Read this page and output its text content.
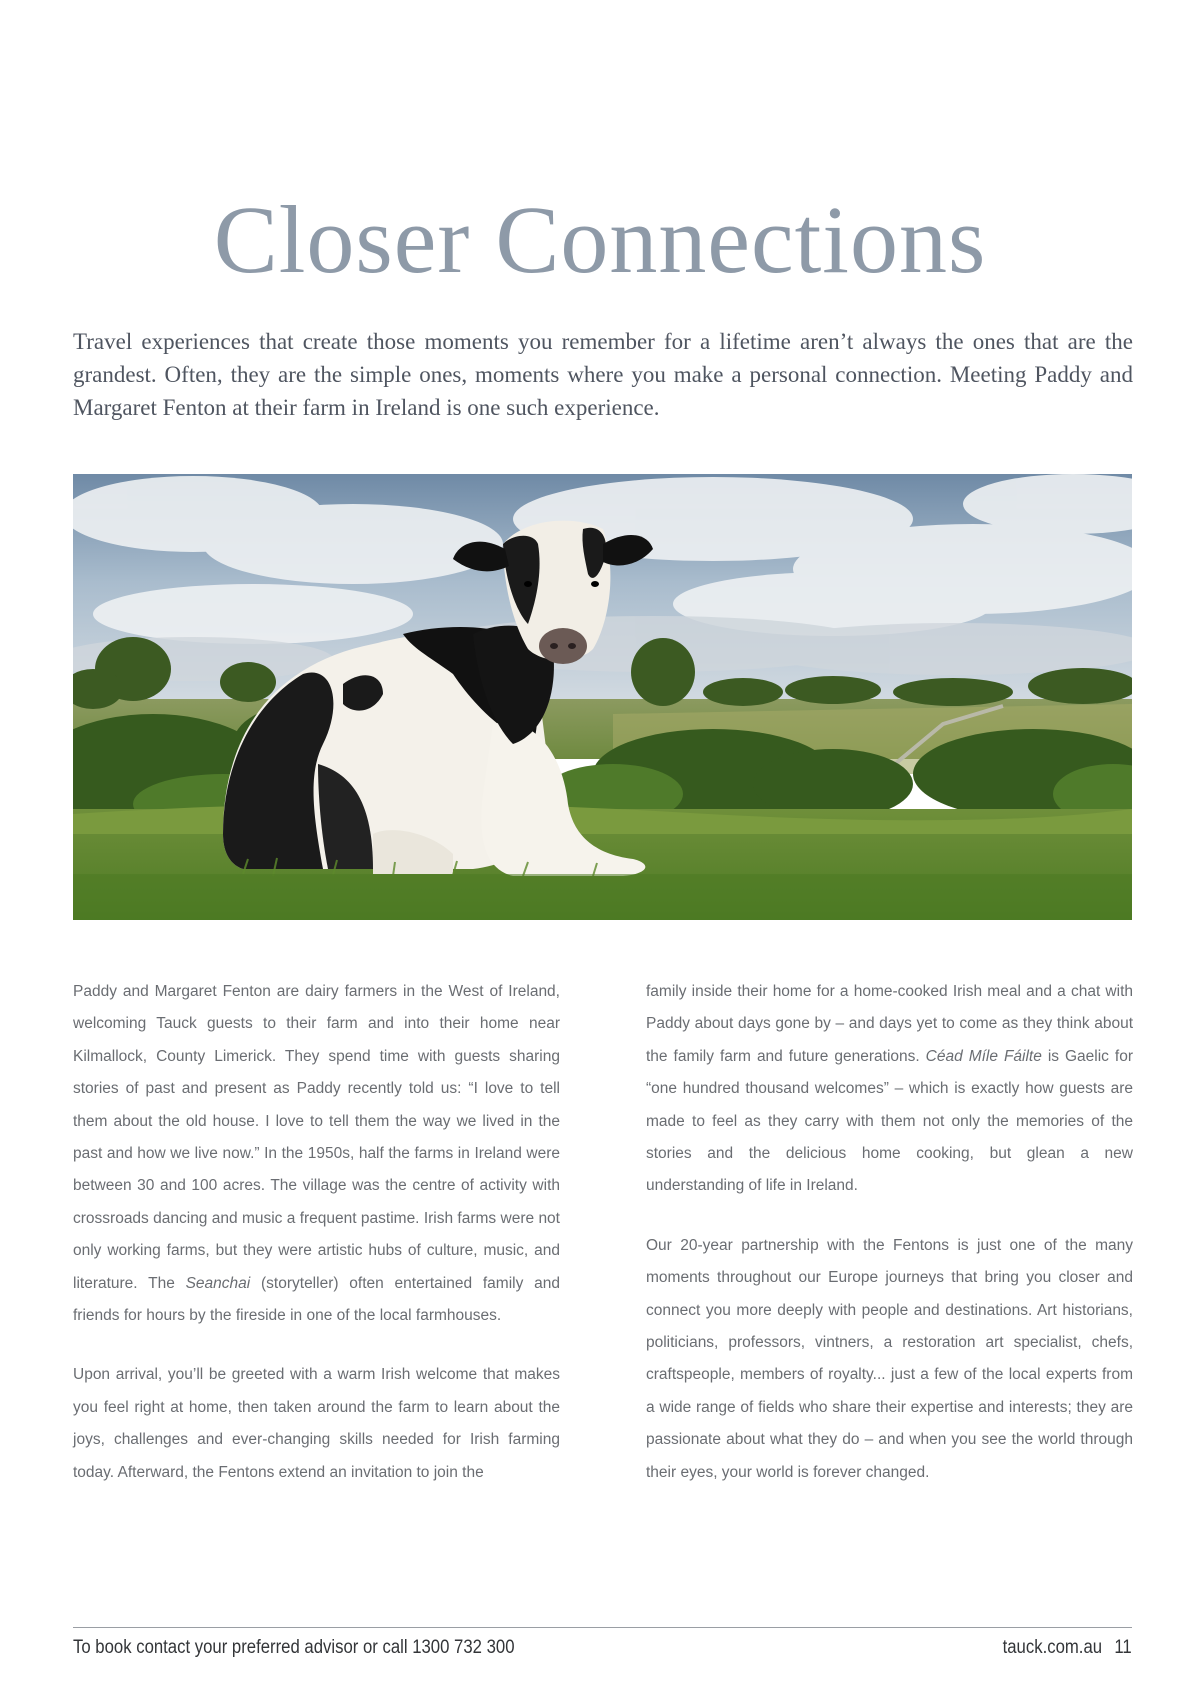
Closer Connections

Travel experiences that create those moments you remember for a lifetime aren’t always the ones that are the grandest. Often, they are the simple ones, moments where you make a personal connection. Meeting Paddy and Margaret Fenton at their farm in Ireland is one such experience.

Paddy and Margaret Fenton are dairy farmers in the West of Ireland, welcoming Tauck guests to their farm and into their home near Kilmallock, County Limerick. They spend time with guests sharing stories of past and present as Paddy recently told us: “I love to tell them about the old house. I love to tell them the way we lived in the past and how we live now.” In the 1950s, half the farms in Ireland were between 30 and 100 acres. The village was the centre of activity with crossroads dancing and music a frequent pastime. Irish farms were not only working farms, but they were artistic hubs of culture, music, and literature. The Seanchai (storyteller) often entertained family and friends for hours by the fireside in one of the local farmhouses.

Upon arrival, you’ll be greeted with a warm Irish welcome that makes you feel right at home, then taken around the farm to learn about the joys, challenges and ever-changing skills needed for Irish farming today. Afterward, the Fentons extend an invitation to join the

family inside their home for a home-cooked Irish meal and a chat with Paddy about days gone by – and days yet to come as they think about the family farm and future generations. Céad Míle Fáilte is Gaelic for “one hundred thousand welcomes” – which is exactly how guests are made to feel as they carry with them not only the memories of the stories and the delicious home cooking, but glean a new understanding of life in Ireland.

Our 20-year partnership with the Fentons is just one of the many moments throughout our Europe journeys that bring you closer and connect you more deeply with people and destinations. Art historians, politicians, professors, vintners, a restoration art specialist, chefs, craftspeople, members of royalty... just a few of the local experts from a wide range of fields who share their expertise and interests; they are passionate about what they do – and when you see the world through their eyes, your world is forever changed.

To book contact your preferred advisor or call 1300 732 300	tauck.com.au 11
